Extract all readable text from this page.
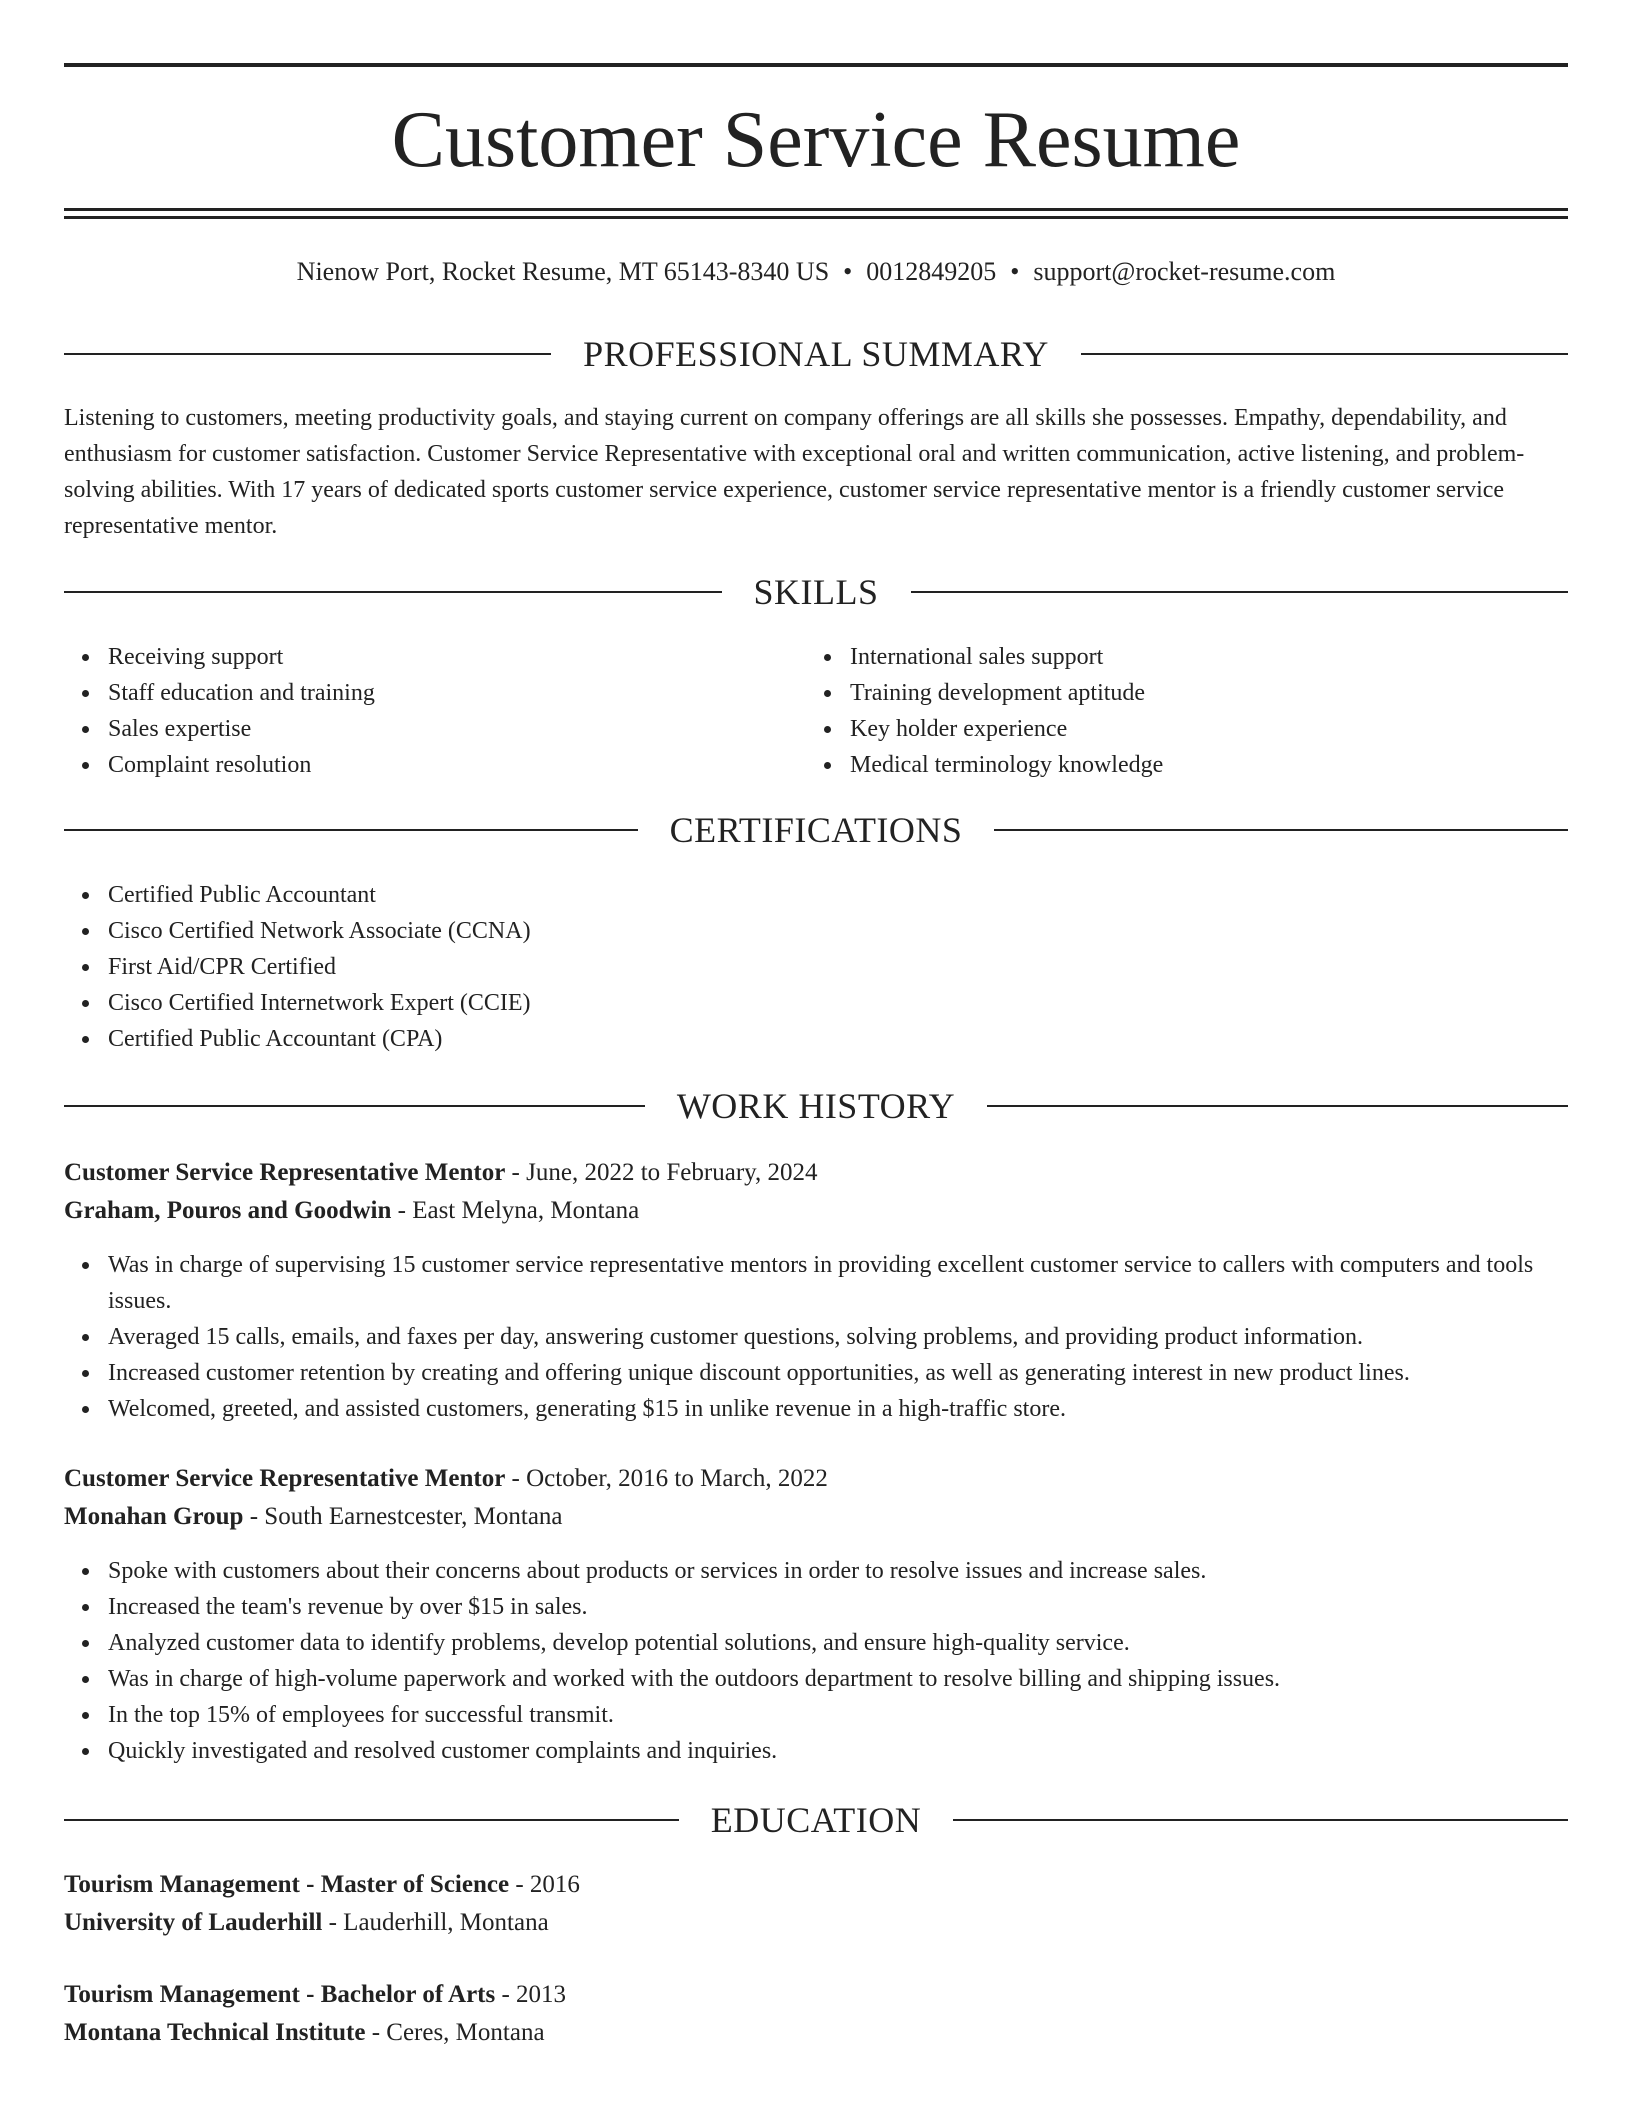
Customer Service Resume
Nienow Port, Rocket Resume, MT 65143-8340 US • 0012849205 • support@rocket-resume.com
PROFESSIONAL SUMMARY
Listening to customers, meeting productivity goals, and staying current on company offerings are all skills she possesses. Empathy, dependability, and enthusiasm for customer satisfaction. Customer Service Representative with exceptional oral and written communication, active listening, and problem-solving abilities. With 17 years of dedicated sports customer service experience, customer service representative mentor is a friendly customer service representative mentor.
SKILLS
Receiving support
Staff education and training
Sales expertise
Complaint resolution
International sales support
Training development aptitude
Key holder experience
Medical terminology knowledge
CERTIFICATIONS
Certified Public Accountant
Cisco Certified Network Associate (CCNA)
First Aid/CPR Certified
Cisco Certified Internetwork Expert (CCIE)
Certified Public Accountant (CPA)
WORK HISTORY
Customer Service Representative Mentor - June, 2022 to February, 2024
Graham, Pouros and Goodwin - East Melyna, Montana
Was in charge of supervising 15 customer service representative mentors in providing excellent customer service to callers with computers and tools issues.
Averaged 15 calls, emails, and faxes per day, answering customer questions, solving problems, and providing product information.
Increased customer retention by creating and offering unique discount opportunities, as well as generating interest in new product lines.
Welcomed, greeted, and assisted customers, generating $15 in unlike revenue in a high-traffic store.
Customer Service Representative Mentor - October, 2016 to March, 2022
Monahan Group - South Earnestcester, Montana
Spoke with customers about their concerns about products or services in order to resolve issues and increase sales.
Increased the team's revenue by over $15 in sales.
Analyzed customer data to identify problems, develop potential solutions, and ensure high-quality service.
Was in charge of high-volume paperwork and worked with the outdoors department to resolve billing and shipping issues.
In the top 15% of employees for successful transmit.
Quickly investigated and resolved customer complaints and inquiries.
EDUCATION
Tourism Management - Master of Science - 2016
University of Lauderhill - Lauderhill, Montana
Tourism Management - Bachelor of Arts - 2013
Montana Technical Institute - Ceres, Montana
